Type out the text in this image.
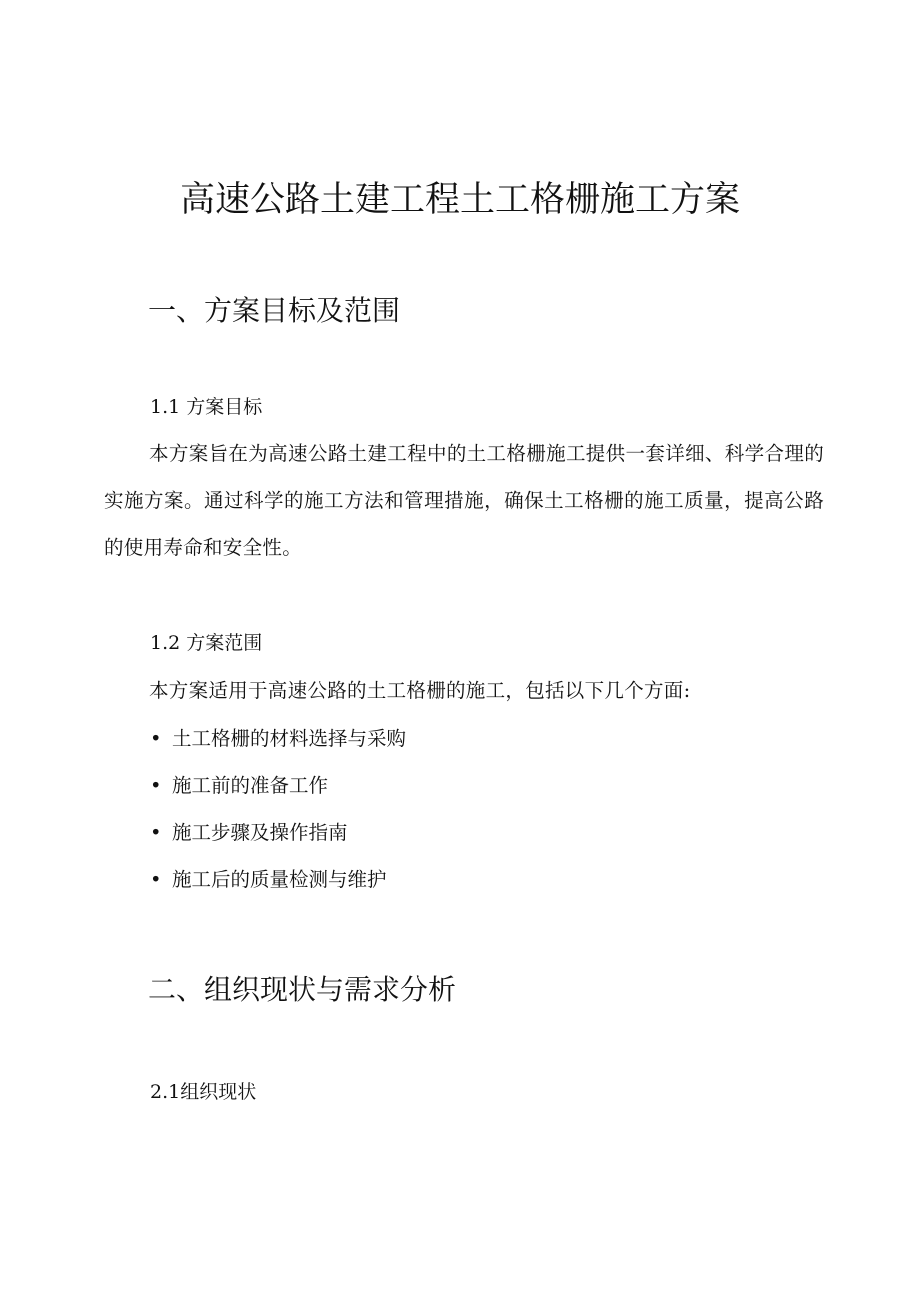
高速公路土建工程土工格栅施工方案
一、方案目标及范围
1.1 方案目标

本方案旨在为高速公路土建工程中的土工格栅施工提供一套详细、科学合理的实施方案。通过科学的施工方法和管理措施，确保土工格栅的施工质量，提高公路的使用寿命和安全性。

1.2 方案范围

本方案适用于高速公路的土工格栅的施工，包括以下几个方面:

• 土工格栅的材料选择与采购
• 施工前的准备工作
• 施工步骤及操作指南
• 施工后的质量检测与维护
二、组织现状与需求分析
2.1组织现状
